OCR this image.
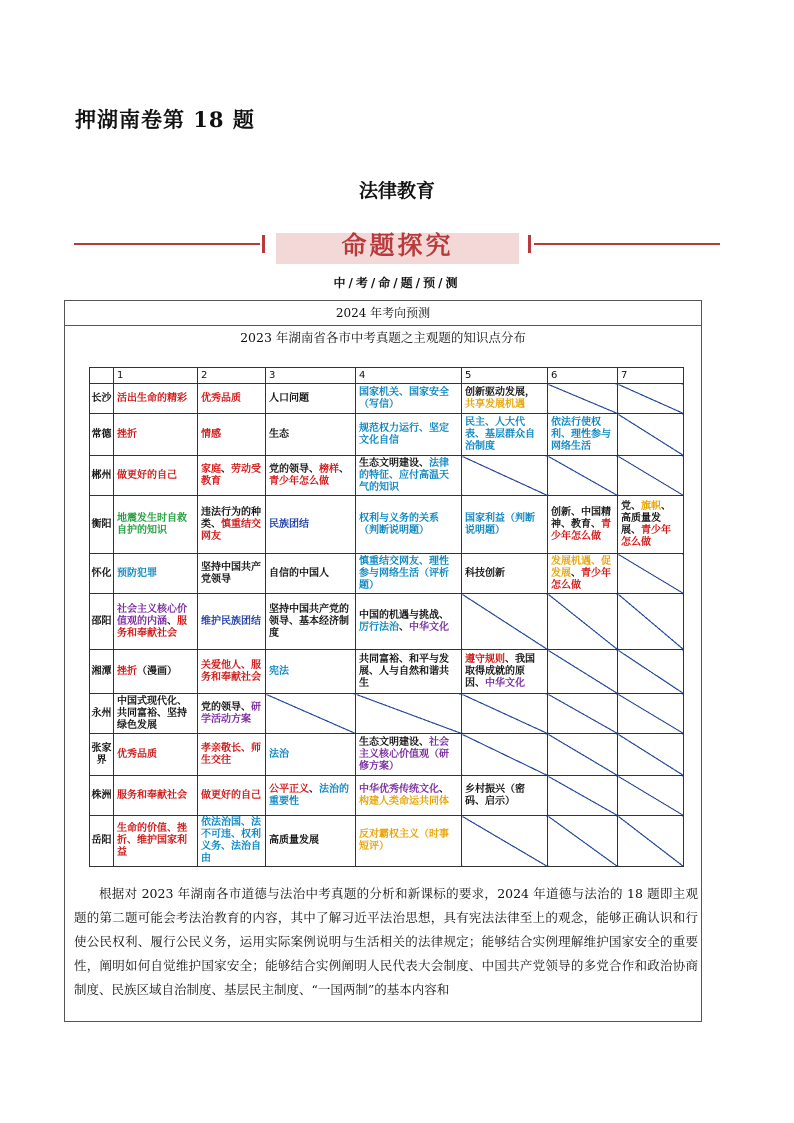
押湖南卷第 18 题
法律教育
命题探究
中/考/命/题/预/测
2024 年考向预测
2023 年湖南省各市中考真题之主观题的知识点分布
	1	2	3	4	5	6	7
长沙	活出生命的精彩	优秀品质	人口问题	国家机关、国家安全（写信）	创新驱动发展，共享发展机遇		
常德	挫折	情感	生态	规范权力运行、坚定文化自信	民主、人大代表、基层群众自治制度	依法行使权利、理性参与网络生活	
郴州	做更好的自己	家庭、劳动受教育	党的领导、榜样、青少年怎么做	生态文明建设、法律的特征、应付高温天气的知识			
衡阳	地震发生时自救自护的知识	违法行为的种类、慎重结交网友	民族团结	权利与义务的关系（判断说明题）	国家利益（判断说明题）	创新、中国精神、教育、青少年怎么做	党、旗帜、高质量发展、青少年怎么做
怀化	预防犯罪	坚持中国共产党领导	自信的中国人	慎重结交网友、理性参与网络生活（评析题）	科技创新	发展机遇、促发展、青少年怎么做	
邵阳	社会主义核心价值观的内涵、服务和奉献社会	维护民族团结	坚持中国共产党的领导、基本经济制度	中国的机遇与挑战、厉行法治、中华文化			
湘潭	挫折（漫画）	关爱他人、服务和奉献社会	宪法	共同富裕、和平与发展、人与自然和谐共生	遵守规则、我国取得成就的原因、中华文化		
永州	中国式现代化、共同富裕、坚持绿色发展	党的领导、研学活动方案					
张家界	优秀品质	孝亲敬长、师生交往	法治	生态文明建设、社会主义核心价值观（研修方案）			
株洲	服务和奉献社会	做更好的自己	公平正义、法治的重要性	中华优秀传统文化、构建人类命运共同体	乡村振兴（密码、启示）		
岳阳	生命的价值、挫折、维护国家利益	依法治国、法不可违、权利义务、法治自由	高质量发展	反对霸权主义（时事短评）			
根据对 2023 年湖南各市道德与法治中考真题的分析和新课标的要求，2024 年道德与法治的 18 题即主观题的第二题可能会考法治教育的内容，其中了解习近平法治思想，具有宪法法律至上的观念，能够正确认识和行使公民权利、履行公民义务，运用实际案例说明与生活相关的法律规定；能够结合实例理解维护国家安全的重要性，阐明如何自觉维护国家安全；能够结合实例阐明人民代表大会制度、中国共产党领导的多党合作和政治协商制度、民族区域自治制度、基层民主制度、“一国两制”的基本内容和
